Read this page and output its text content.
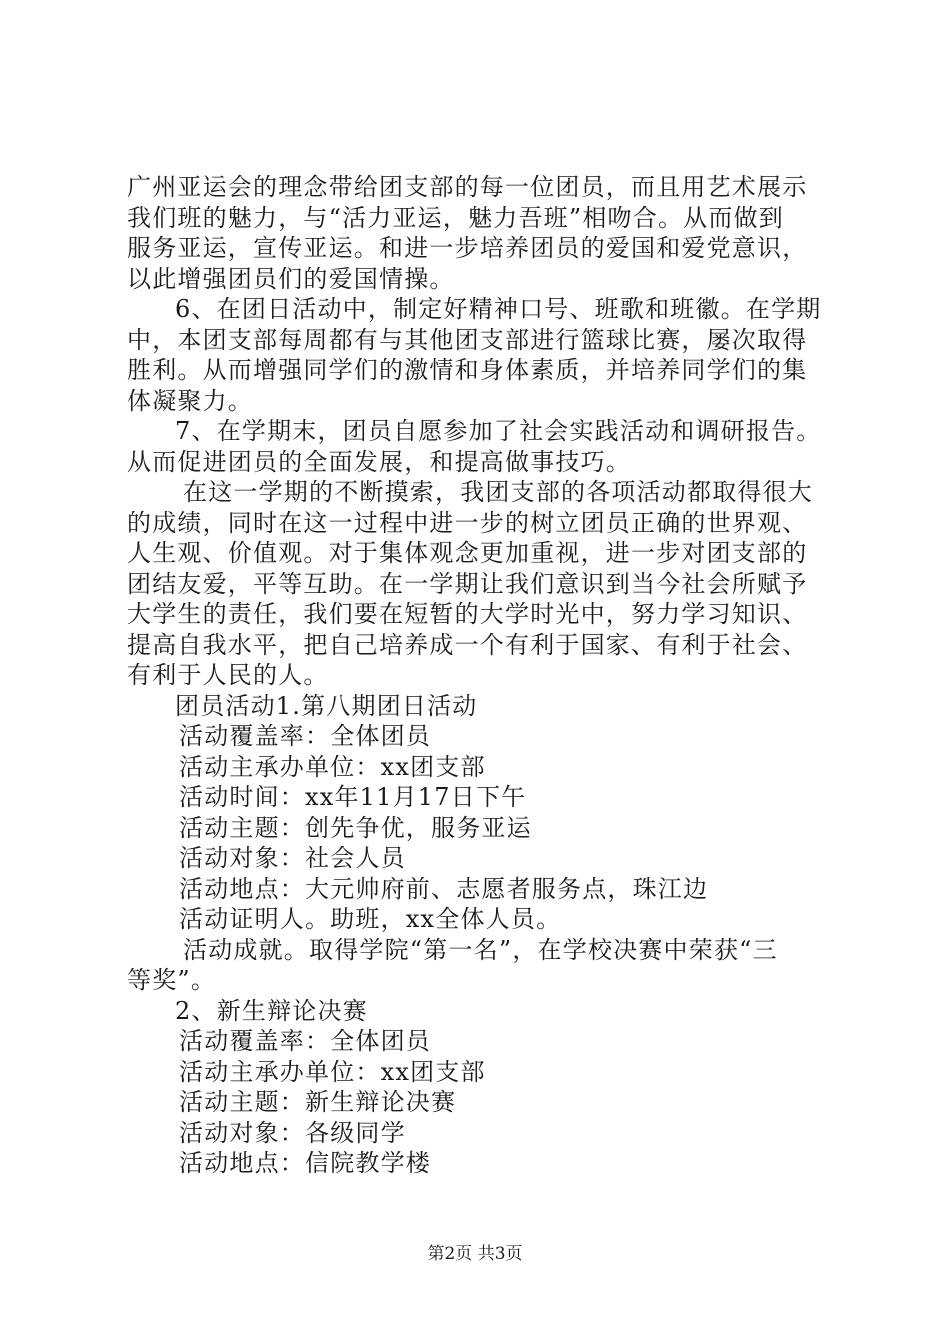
广州亚运会的理念带给团支部的每一位团员，而且用艺术展示
我们班的魅力，与“活力亚运，魅力吾班”相吻合。从而做到
服务亚运，宣传亚运。和进一步培养团员的爱国和爱党意识，
以此增强团员们的爱国情操。
6、在团日活动中，制定好精神口号、班歌和班徽。在学期
中，本团支部每周都有与其他团支部进行篮球比赛，屡次取得
胜利。从而增强同学们的激情和身体素质，并培养同学们的集
体凝聚力。
7、在学期末，团员自愿参加了社会实践活动和调研报告。
从而促进团员的全面发展，和提高做事技巧。
在这一学期的不断摸索，我团支部的各项活动都取得很大
的成绩，同时在这一过程中进一步的树立团员正确的世界观、
人生观、价值观。对于集体观念更加重视，进一步对团支部的
团结友爱，平等互助。在一学期让我们意识到当今社会所赋予
大学生的责任，我们要在短暂的大学时光中，努力学习知识、
提高自我水平，把自己培养成一个有利于国家、有利于社会、
有利于人民的人。
团员活动1.第八期团日活动
活动覆盖率：全体团员
活动主承办单位：xx团支部
活动时间：xx年11月17日下午
活动主题：创先争优，服务亚运
活动对象：社会人员
活动地点：大元帅府前、志愿者服务点，珠江边
活动证明人。助班，xx全体人员。
活动成就。取得学院“第一名”，在学校决赛中荣获“三
等奖”。
2、新生辩论决赛
活动覆盖率：全体团员
活动主承办单位：xx团支部
活动主题：新生辩论决赛
活动对象：各级同学
活动地点：信院教学楼
第2页 共3页
